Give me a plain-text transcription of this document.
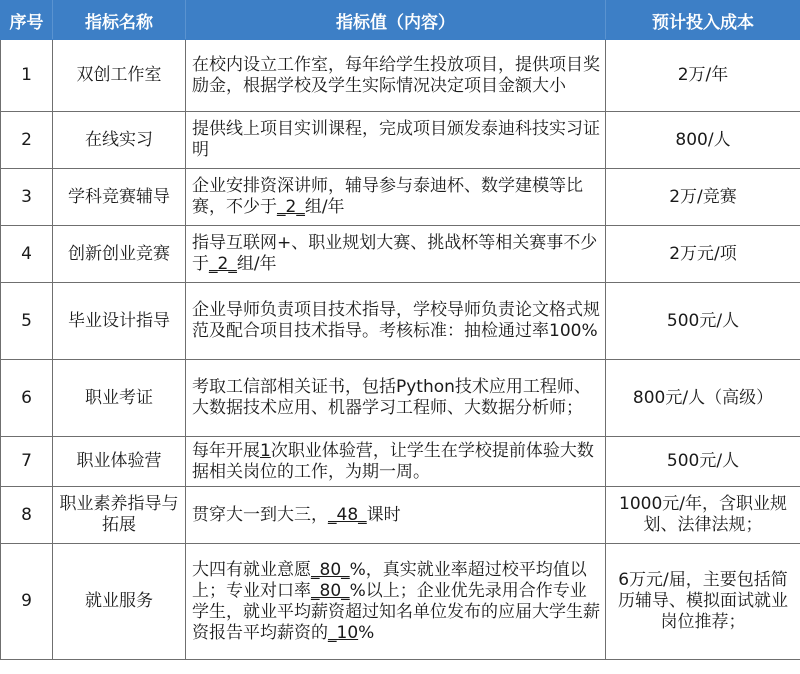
序号	指标名称	指标值（内容）	预计投入成本
1	双创工作室	在校内设立工作室，每年给学生投放项目，提供项目奖励金，根据学校及学生实际情况决定项目金额大小	2万/年
2	在线实习	提供线上项目实训课程，完成项目颁发泰迪科技实习证明	800/人
3	学科竞赛辅导	企业安排资深讲师，辅导参与泰迪杯、数学建模等比赛，不少于_2_组/年	2万/竞赛
4	创新创业竞赛	指导互联网+、职业规划大赛、挑战杯等相关赛事不少于_2_组/年	2万元/项
5	毕业设计指导	企业导师负责项目技术指导，学校导师负责论文格式规范及配合项目技术指导。考核标准：抽检通过率100%	500元/人
6	职业考证	考取工信部相关证书，包括Python技术应用工程师、大数据技术应用、机器学习工程师、大数据分析师；	800元/人（高级）
7	职业体验营	每年开展1次职业体验营，让学生在学校提前体验大数据相关岗位的工作，为期一周。	500元/人
8	职业素养指导与拓展	贯穿大一到大三，_48_课时	1000元/年，含职业规划、法律法规；
9	就业服务	大四有就业意愿_80_%，真实就业率超过校平均值以上；专业对口率_80_%以上；企业优先录用合作专业学生，就业平均薪资超过知名单位发布的应届大学生薪资报告平均薪资的_10%	6万元/届，主要包括简历辅导、模拟面试就业岗位推荐；
